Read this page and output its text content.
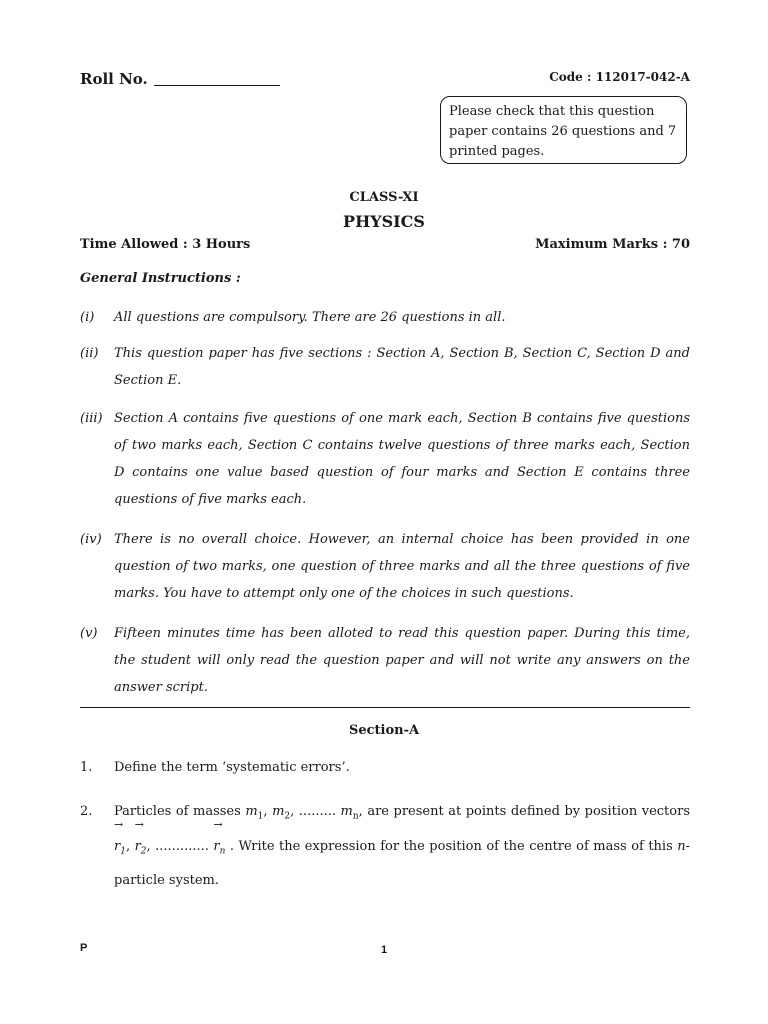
Roll No.	Code : 112017-042-A
Please check that this question paper contains 26 questions and 7 printed pages.
CLASS-XI
PHYSICS
Time Allowed : 3 Hours	Maximum Marks : 70
General Instructions :
(i) All questions are compulsory. There are 26 questions in all.
(ii) This question paper has five sections : Section A, Section B, Section C, Section D and Section E.
(iii) Section A contains five questions of one mark each, Section B contains five questions of two marks each, Section C contains twelve questions of three marks each, Section D contains one value based question of four marks and Section E contains three questions of five marks each.
(iv) There is no overall choice. However, an internal choice has been provided in one question of two marks, one question of three marks and all the three questions of five marks. You have to attempt only one of the choices in such questions.
(v) Fifteen minutes time has been alloted to read this question paper. During this time, the student will only read the question paper and will not write any answers on the answer script.
Section-A
1. Define the term ‘systematic errors’.
2. Particles of masses $m_1$, $m_2$, ......... $m_n$, are present at points defined by position vectors → $r_1$, → $r_2$, ............. → $r_n$ . Write the expression for the position of the centre of mass of this n-particle system.
P	1
